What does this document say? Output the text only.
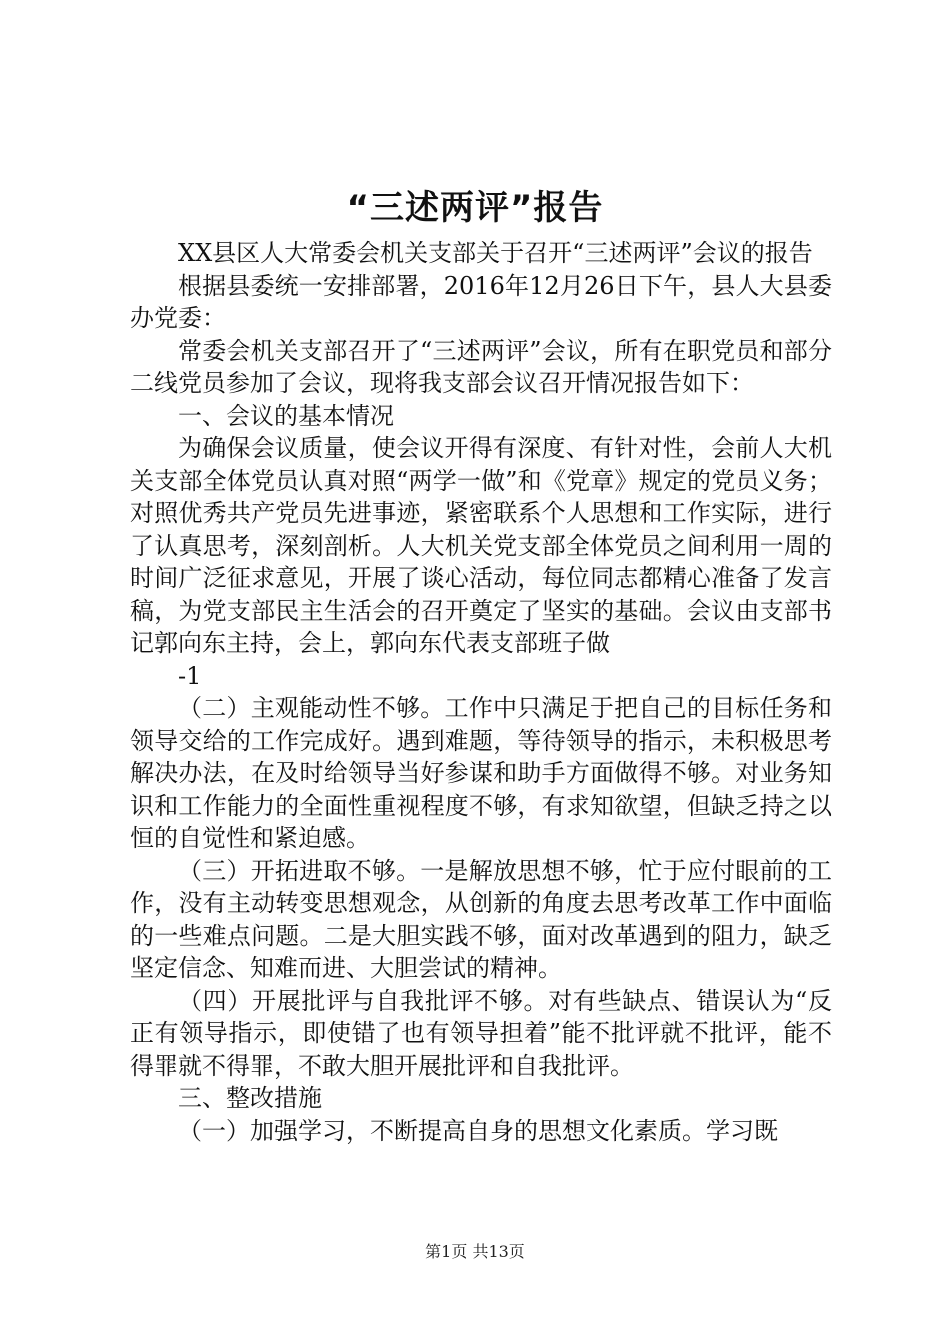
“三述两评”报告

XX县区人大常委会机关支部关于召开“三述两评”会议的报告

根据县委统一安排部署，2016年12月26日下午，县人大县委办党委：

常委会机关支部召开了“三述两评”会议，所有在职党员和部分二线党员参加了会议，现将我支部会议召开情况报告如下：

一、会议的基本情况

为确保会议质量，使会议开得有深度、有针对性，会前人大机关支部全体党员认真对照“两学一做”和《党章》规定的党员义务；对照优秀共产党员先进事迹，紧密联系个人思想和工作实际，进行了认真思考，深刻剖析。人大机关党支部全体党员之间利用一周的时间广泛征求意见，开展了谈心活动，每位同志都精心准备了发言稿，为党支部民主生活会的召开奠定了坚实的基础。会议由支部书记郭向东主持，会上，郭向东代表支部班子做

-1

（二）主观能动性不够。工作中只满足于把自己的目标任务和领导交给的工作完成好。遇到难题，等待领导的指示，未积极思考解决办法，在及时给领导当好参谋和助手方面做得不够。对业务知识和工作能力的全面性重视程度不够，有求知欲望，但缺乏持之以恒的自觉性和紧迫感。

（三）开拓进取不够。一是解放思想不够，忙于应付眼前的工作，没有主动转变思想观念，从创新的角度去思考改革工作中面临的一些难点问题。二是大胆实践不够，面对改革遇到的阻力，缺乏坚定信念、知难而进、大胆尝试的精神。

（四）开展批评与自我批评不够。对有些缺点、错误认为“反正有领导指示，即使错了也有领导担着”能不批评就不批评，能不得罪就不得罪，不敢大胆开展批评和自我批评。

三、整改措施

（一）加强学习，不断提高自身的思想文化素质。学习既

第1页 共13页
